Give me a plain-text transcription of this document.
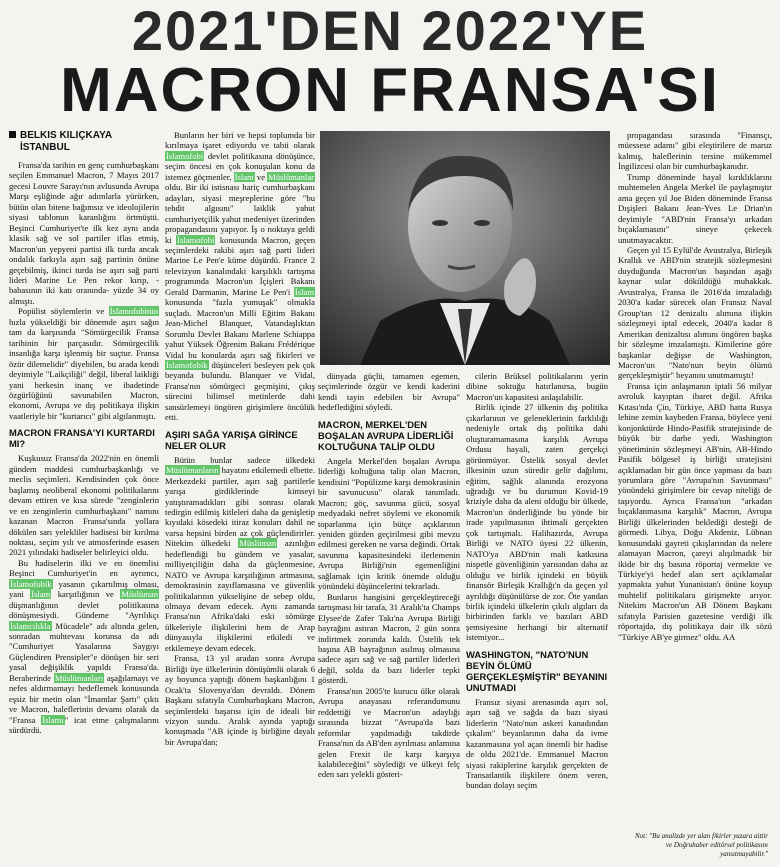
2021'DEN 2022'YE
MACRON FRANSA'SI
BELKIS KILIÇKAYA
İSTANBUL

Fransa'da tarihin en genç cumhurbaşkanı seçilen Emmanuel Macron, 7 Mayıs 2017 gecesi Louvre Sarayı'nın avlusunda Avrupa Marşı eşliğinde ağır adımlarla yürürken, bütün olan bitene bağımsız ve ideolojilerin siyasi tablonun karanlığını örtmüştü. Beşinci Cumhuriyet'te ilk kez aynı anda klasik sağ ve sol partiler iflas etmiş, Macron'un yepyeni partisi ilk turda ancak ondalık farkıyla aşırı sağ partinin önüne geçebilmiş, ikinci turda ise aşırı sağ parti lideri Marine Le Pen rekor kırıp, -babasının iki katı oranında- yüzde 34 oy almıştı.

Popülist söylemlerin ve İslamofobinin hızla yükseldiği bir dönemde aşırı sağın tam da karşısında "Sömürgecilik Fransa tarihinin bir parçasıdır. Sömürgecilik insanlığa karşı işlenmiş bir suçtur. Fransa özür dilemelidir" diyebilen, bu arada kendi deyimiyle "Laikçiliği" değil, liberal laikliği yani herkesin inanç ve ibadetinde özgürlüğünü savunabilen Macron, ekonomi, Avrupa ve dış politikaya ilişkin vaatleriyle bir "kurtarıcı" gibi algılanmıştı.

MACRON FRANSA'YI KURTARDI MI?

Kuşkusuz Fransa'da 2022'nin en önemli gündem maddesi cumhurbaşkanlığı ve meclis seçimleri. Kendisinden çok önce başlamış neoliberal ekonomi politikalarını devam ettiren ve kısa sürede "zenginlerin ve en zenginlerin cumhurbaşkanı" namını kazanan Macron Fransa'sında yollara dökülen sarı yelekliler hadisesi bir kırılma noktası, seçim yılı ve atmosferinde esasen 2021 yılındaki hadiseler belirleyici oldu.

Bu hadiselerin ilki ve en önemlisi Beşinci Cumhuriyet'in en ayrımcı, İslamofobik yasanın çıkartılmış olması, yani İslam karşıtlığının ve Müslüman düşmanlığının devlet politikasına dönüşmesiydi. Gündeme "Ayrılıkçı İslamcılıkla Mücadele" adı altında gelen, sonradan muhtevası korunsa da adı "Cumhuriyet Yasalarına Saygıyı Güçlendiren Prensipler"e dönüşen bir seri yasal değişiklik yapıldı Fransa'da. Beraberinde Müslümanları aşağılamayı ve nefes aldırmamayı hedeflemek konusunda eşsiz bir metin olan "İmamlar Şartı" çıktı ve Macron, haleflerinin devamı olarak da "Fransa İslamı" icat etme çalışmalarını sürdürdü.

Bunların her biri ve hepsi toplumda bir kırılmaya işaret ediyordu ve tabii olarak İslamofobi devlet politikasına dönüşünce, seçim öncesi en çok konuşulan konu da istemez göçmenler, İslam ve Müslümanlar oldu. Bir iki istisnası hariç cumhurbaşkanı adayları, siyasi meşreplerine göre "bu tehdit algısını" laiklik yahut cumhuriyetçilik yahut medeniyet üzerinden propagandasını yapıyor. İş o noktaya geldi ki İslamofobi konusunda Macron, geçen seçimlerdeki rakibi aşırı sağ parti lideri Marine Le Pen'e küme düşürdü. France 2 televizyon kanalındaki karşılıklı tartışma programında Macron'un İçişleri Bakanı Gerald Darmanin, Marine Le Pen'i İslam konusunda "fazla yumuşak" olmakla suçladı. Macron'un Milli Eğitim Bakanı Jean-Michel Blanquer, Vatandaşlıktan Sorumlu Devlet Bakanı Marlene Schiappa yahut Yüksek Öğrenim Bakanı Frédérique Vidal bu konularda aşırı sağ fikirleri ve İslamofobik düşünceleri besleyen pek çok beyanda bulundu. Blanquer ve Vidal, Fransa'nın sömürgeci geçmişini, çıkış sürecini bilimsel metinlerde dahi sansürlemeyi öngören girişimlere öncülük etti.

AŞIRI SAĞA YARIŞA GİRİNCE NELER OLUR

Bütün bunlar sadece ülkedeki Müslümanların hayatını etkilemedi elbette. Merkezdeki partiler, aşırı sağ partilerle yarışa girdiklerinde kimseyi yatıştıramadıkları gibi sonrası olarak tedirgin edilmiş kitleleri daha da genişletip kıyıdaki kösedeki itiraz konuları dahil ne varsa hepsini birden az çok güçlendirirler. Nitekim ülkedeki Müslüman azınlığın hedeflendiği bu gündem ve yasalar, milliyetçiliğin daha da güçlenmesine, NATO ve Avrupa karşıtlığının artmasına, demokrasinin zayıflamasına ve güvenlik politikalarının yükselişine de sebep oldu, olmaya devam edecek. Aynı zamanda Fransa'nın Afrika'daki eski sömürge ülkeleriyle ilişkilerini hem de Arap dünyasıyla ilişkilerini etkiledi ve etkilemeye devam edecek.

Fransa, 13 yıl aradan sonra Avrupa Birliği üye ülkelerinin dönüşümlü olarak 6 ay boyunca yaptığı dönem başkanlığını 1 Ocak'ta Slovenya'dan devraldı. Dönem Başkanı sıfatıyla Cumhurbaşkanı Macron, seçimlerdeki başarısı için de ideali bir vizyon sundu. Aralık ayında yaptığı konuşmada "AB içinde iş birliğine dayalı bir Avrupa'dan;

dünyada güçlü, tamamen egemen, seçimlerinde özgür ve kendi kaderini kendi tayin edebilen bir Avrupa" hedeflediğini söyledi.

MACRON, MERKEL'DEN BOŞALAN AVRUPA LİDERLİĞİ KOLTUĞUNA TALİP OLDU

Angela Merkel'den boşalan Avrupa liderliği koltuğuna talip olan Macron, kendisini "Popülizme karşı demokrasinin bir savunucusu" olarak tanımladı. Macron; göç, savunma gücü, sosyal medyadaki nefret söylemi ve ekonomik toparlanma için bütçe açıklarının yeniden gözden geçirilmesi gibi mevzu edilmesi gereken ne varsa değindi. Ortak savunma kapasitesindeki ilerlemenin Avrupa Birliği'nin egemenliğini sağlamak için kritik önemde olduğu yönündeki düşüncelerini tekrarladı.

Bunların hangisini gerçekleştireceği tartışması bir tarafa, 31 Aralık'ta Champs Elysee'de Zafer Takı'na Avrupa Birliği bayrağını astıran Macron, 2 gün sonra indirtmek zorunda kaldı. Üstelik tek başına AB bayrağının asılmış olmasına sadece aşırı sağ ve sağ partiler liderleri değil, solda da bazı liderler tepki gösterdi.

Fransa'nın 2005'te kurucu ülke olarak Avrupa anayasası referandumunu reddettiği ve Macron'un adaylığı sırasında bizzat "Avrupa'da bazı reformlar yapılmadığı takdirde Fransa'nın da AB'den ayrılması anlamına gelen Frexit ile karşı karşıya kalabileceğini" söylediği ve ülkeyi felç eden sarı yelekli gösteri-

cilerin Brüksel politikalarını yerin dibine soktuğu hatırlanırsa, bugün Macron'un kapasitesi anlaşılabilir.

Birlik içinde 27 ülkenin dış politika çıkarlarının ve geleneklerinin farklılığı nedeniyle ortak dış politika dahi oluşturamamasına karşılık Avrupa Ordusu hayali, zaten gerçekçi görünmüyor. Üstelik sosyal devlet ilkesinin uzun süredir gelir dağılımı, eğitim, sağlık alanında erozyona uğradığı ve bu durumun Kovid-19 kriziyle daha da aleni olduğu bir ülkede, Macron'un önderliğinde bu yönde bir irade yapılmasının ihtimali gerçekten çok tartışmalı. Halihazırda, Avrupa Birliği ve NATO üyesi 22 ülkenin, NATO'ya ABD'nin mali katkısına nispetle güvenliğinin yarısından daha az olduğu ve birlik içindeki en büyük finansör Birleşik Krallığı'n da geçen yıl ayrıldığı düşünülürse de zor. Öte yandan birlik içindeki ülkelerin çıkılı algıları da birbirinden farklı ve bazıları ABD şemsiyesine herhangi bir alternatif istemiyor...

WASHINGTON, "NATO'NUN BEYİN ÖLÜMÜ GERÇEKLEŞMİŞTİR" BEYANINI UNUTMADI

Fransız siyasi arenasında aşırı sol, aşırı sağ ve sağda da bazı siyasi liderlerin "Nato'nun askeri kanadından çıkalım" beyanlarının daha da ivme kazanmasına yol açan önemli bir hadise de oldu 2021'de. Emmanuel Macron siyasi rakiplerine karşılık gerçekten de Transatlantik ilişkilere önem veren, bundan dolayı seçim

propagandası sırasında "Finansçı, müessese adamı" gibi eleştirilere de maruz kalmış, haleflerinin tersine mükemmel İngilizcesi olan bir cumhurbaşkanıdır.

Trump döneminde hayal kırıklıklarını muhtemelen Angela Merkel ile paylaşmıştır ama geçen yıl Joe Biden döneminde Fransa Dışişleri Bakanı Jean-Yves Le Drian'ın deyimiyle "ABD'nin Fransa'yı arkadan bıçaklamasını" sineye çekecek unutmayacaktır.

Geçen yıl 15 Eylül'de Avustralya, Birleşik Krallık ve ABD'nin stratejik sözleşmesini duyduğunda Macron'un başından aşağı kaynar sular döküldüğü muhakkak. Avustralya, Fransa ile 2016'da imzaladığı 2030'a kadar sürecek olan Fransız Naval Group'tan 12 denizaltı alımına ilişkin sözleşmeyi iptal edecek, 2040'a kadar 8 Amerikan denizaltısı alımını öngören başka bir sözleşme imzalamıştı. Kimilerine göre başkanlar değişse de Washington, Macron'un "Nato'nun beyin ölümü gerçekleşmiştir" beyanını unutmamıştı!

Fransa için anlaşmanın iptali 56 milyar avroluk kayıptan ibaret değil. Afrika Kıtası'nda Çin, Türkiye, ABD hatta Rusya lehine zemin kaybeden Fransa, böylece yeni konjonktürde Hindo-Pasifik stratejisinde de büyük bir darbe yedi. Washington yönetiminin sözleşmeyi AB'nin, AB-Hindo Pasifik bölgesel iş birliği stratejisini açıklamadan bir gün önce yapması da bazı yorumlara göre "Avrupa'nın Savunması" yönündeki girişimlere bir cevap niteliği de taşıyordu. Ayrıca Fransa'nın "arkadan bıçaklanmasına karşılık" Macron, Avrupa Birliği ülkelerinden beklediği desteği de görmedi. Libya, Doğu Akdeniz, Lübnan konusundaki gayreti çıkışlarından da nelere alamayan Macron, çareyi alışılmadık bir ikide bir dış basına röportaj vermekte ve Türkiye'yi hedef alan sert açıklamalar yapmakta yahut Yunanistan'ı önüne koyup muhtelif politikalara girişmekte arıyor. Nitekim Macron'un AB Dönem Başkanı sıfatıyla Parisien gazetesine verdiği ilk röportajda, dış politikaya dair ilk sözü "Türkiye AB'ye girmez" oldu. AA

Not: "Bu analizde yer alan fikirler yazara aittir ve Doğruhaber editörsel politikasını yansıtmayabilir."
